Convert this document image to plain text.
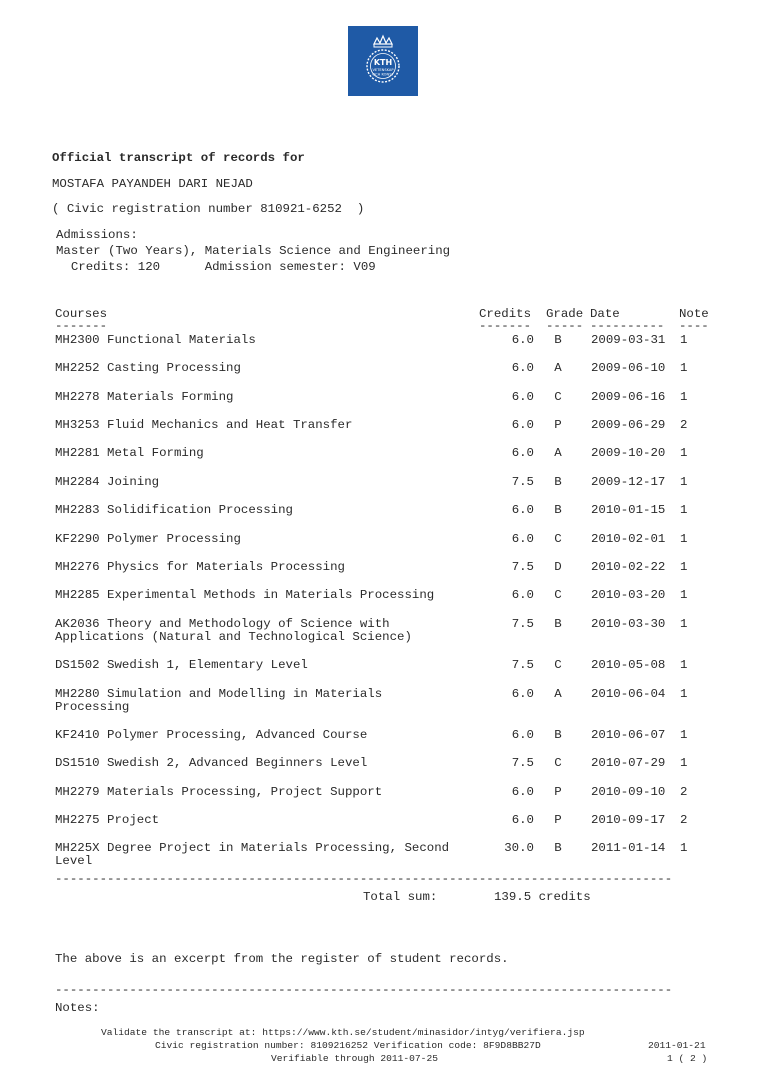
KTH
VETENSKAP
OCH KONST
Official transcript of records for
MOSTAFA PAYANDEH DARI NEJAD
( Civic registration number 810921-6252  )
Admissions:
Master (Two Years), Materials Science and Engineering
Credits: 120      Admission semester: V09
Courses	Credits Grade Date	Note
-------	------- ----- ---------- ----
MH2300 Functional Materials	6.0	B	2009-03-31 1
MH2252 Casting Processing	6.0	A	2009-06-10 1
MH2278 Materials Forming	6.0	C	2009-06-16 1
MH3253 Fluid Mechanics and Heat Transfer	6.0	P	2009-06-29 2
MH2281 Metal Forming	6.0	A	2009-10-20 1
MH2284 Joining	7.5	B	2009-12-17 1
MH2283 Solidification Processing	6.0	B	2010-01-15 1
KF2290 Polymer Processing	6.0	C	2010-02-01 1
MH2276 Physics for Materials Processing	7.5	D	2010-02-22 1
MH2285 Experimental Methods in Materials Processing	6.0	C	2010-03-20 1
AK2036 Theory and Methodology of Science with
Applications (Natural and Technological Science)
7.5	B	2010-03-30 1
DS1502 Swedish 1, Elementary Level	7.5	C	2010-05-08 1
MH2280 Simulation and Modelling in Materials
Processing
6.0	A	2010-06-04 1
KF2410 Polymer Processing, Advanced Course	6.0	B	2010-06-07 1
DS1510 Swedish 2, Advanced Beginners Level	7.5	C	2010-07-29 1
MH2279 Materials Processing, Project Support	6.0	P	2010-09-10 2
MH2275 Project	6.0	P	2010-09-17 2
MH225X Degree Project in Materials Processing, Second
Level
30.0	B	2011-01-14 1
-----------------------------------------------------------------------------------
Total sum:	139.5 credits
The above is an excerpt from the register of student records.
-----------------------------------------------------------------------------------
Notes:
Validate the transcript at: https://www.kth.se/student/minasidor/intyg/verifiera.jsp
Civic registration number: 8109216252 Verification code: 8F9D8BB27D
Verifiable through 2011-07-25
2011-01-21
1 ( 2 )
